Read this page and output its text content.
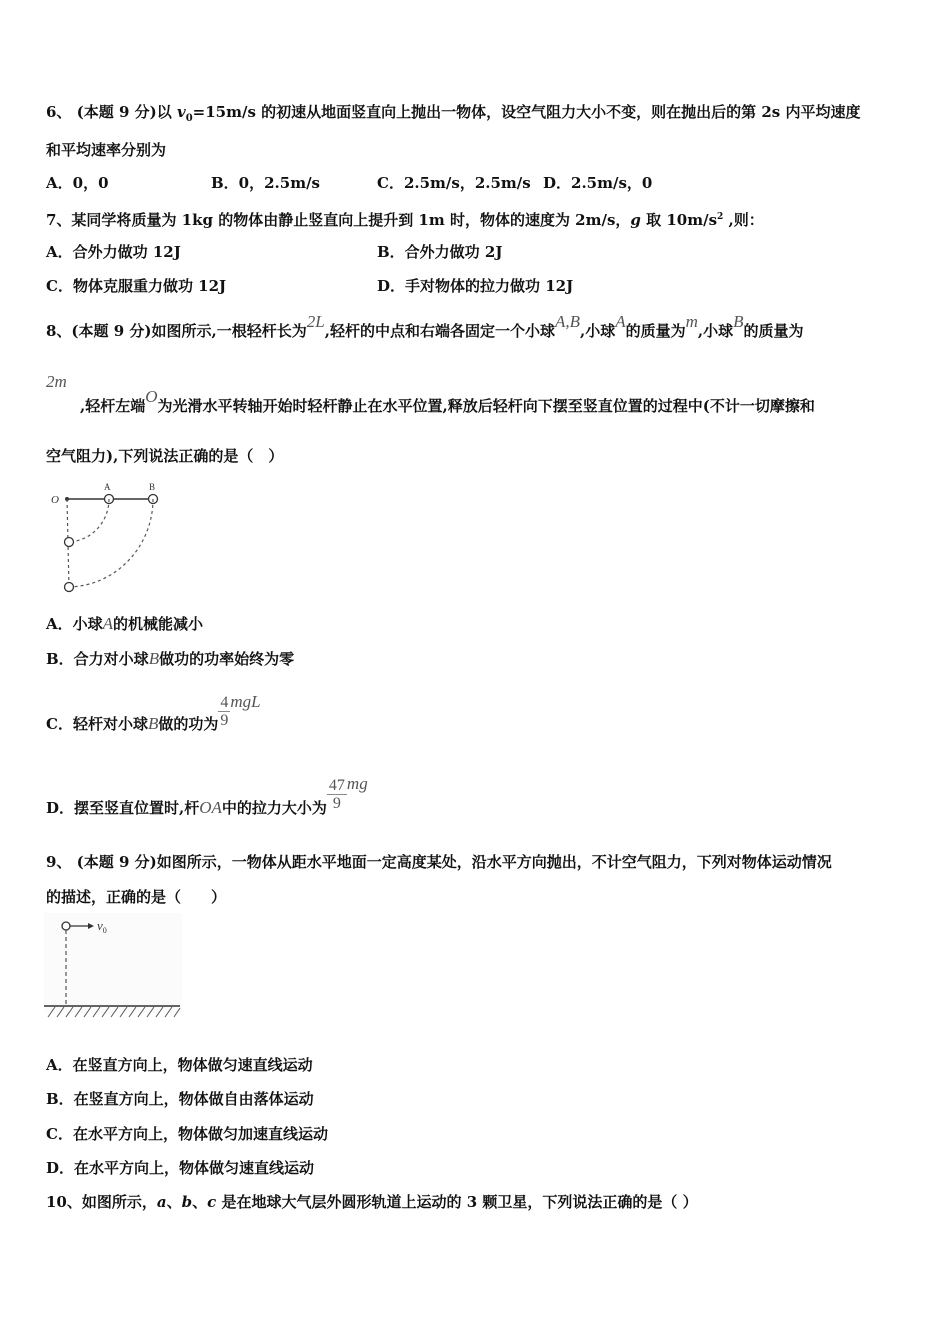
6、 (本题 9 分)以 $v_0=15m/s$ 的初速从地面竖直向上抛出一物体，设空气阻力大小不变，则在抛出后的第 2s 内平均速度
和平均速率分别为
A．0，0	B．0，2.5m/s	C．2.5m/s，2.5m/s D．2.5m/s，0
7、某同学将质量为 1kg 的物体由静止竖直向上提升到 1m 时，物体的速度为 2m/s，g 取 $10m/s^2$ ,则：
A．合外力做功 12J	B．合外力做功 2J
C．物体克服重力做功 12J	D．手对物体的拉力做功 12J
8、(本题 9 分)如图所示,一根轻杆长为2L,轻杆的中点和右端各固定一个小球A,B,小球A的质量为m,小球B的质量为
2m
,轻杆左端O为光滑水平转轴开始时轻杆静止在水平位置,释放后轻杆向下摆至竖直位置的过程中(不计一切摩擦和
空气阻力),下列说法正确的是（　）
O
A	B
A．小球A的机械能减小
B．合力对小球B做功的功率始终为零
C．轻杆对小球B做的功为 $\frac{4}{9}$ mgL
D．摆至竖直位置时,杆OA中的拉力大小为 $\frac{47}{9}$ mg
9、 (本题 9 分)如图所示，一物体从距水平地面一定高度某处，沿水平方向抛出，不计空气阻力，下列对物体运动情况
的描述，正确的是（　　）
$v_0$
A．在竖直方向上，物体做匀速直线运动
B．在竖直方向上，物体做自由落体运动
C．在水平方向上，物体做匀加速直线运动
D．在水平方向上，物体做匀速直线运动
10、如图所示，a、b、c 是在地球大气层外圆形轨道上运动的 3 颗卫星，下列说法正确的是（ ）
